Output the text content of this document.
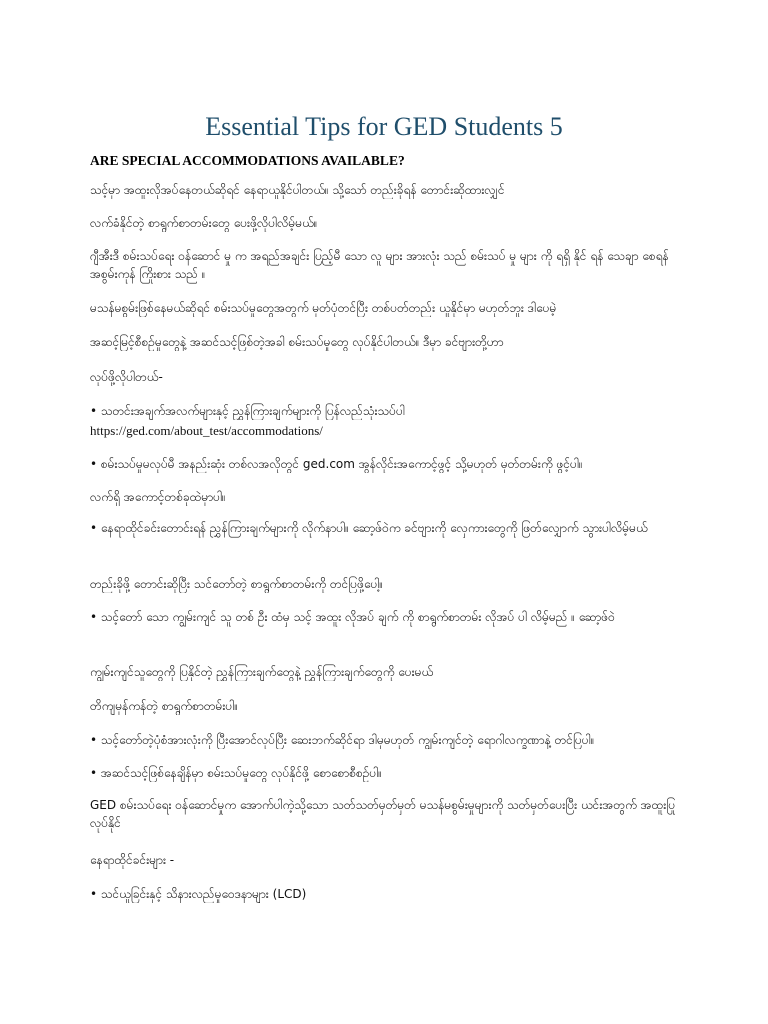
Essential Tips for GED Students 5
ARE SPECIAL ACCOMMODATIONS AVAILABLE?
သင့်မှာ အထူးလိုအပ်နေတယ်ဆိုရင် နေရာယူနိုင်ပါတယ်။ သို့သော် တည်းခိုရန် တောင်းဆိုထားလျှင်
လက်ခံနိုင်တဲ့ စာရွက်စာတမ်းတွေ ပေးဖို့လိုပါလိမ့်မယ်။
ဂျီအီးဒီ စမ်းသပ်ရေး ဝန်ဆောင် မှု က အရည်အချင်း ပြည့်မီ သော လူ များ အားလုံး သည် စမ်းသပ် မှု များ ကို ရရှိ နိုင် ရန် သေချာ စေရန် အစွမ်းကုန် ကြိုးစား သည် ။
မသန်မစွမ်းဖြစ်နေမယ်ဆိုရင် စမ်းသပ်မှုတွေအတွက် မှတ်ပုံတင်ပြီး တစ်ပတ်တည်း ယူနိုင်မှာ မဟုတ်ဘူး ဒါပေမဲ့
အဆင့်မြင့်စီစဉ်မှုတွေနဲ့ အဆင်သင့်ဖြစ်တဲ့အခါ စမ်းသပ်မှုတွေ လုပ်နိုင်ပါတယ်။ ဒီမှာ ခင်ဗျားတို့ဟာ
လုပ်ဖို့လိုပါတယ်-
• သတင်းအချက်အလက်များနှင့် ညွှန်ကြားချက်များကို ပြန်လည်သုံးသပ်ပါ
https://ged.com/about_test/accommodations/
• စမ်းသပ်မှုမလုပ်မီ အနည်းဆုံး တစ်လအလိုတွင် ged.com အွန်လိုင်းအကောင့်ဖွင့် သို့မဟုတ် မှတ်တမ်းကို ဖွင့်ပါ။
လက်ရှိ အကောင့်တစ်ခုထဲမှာပါ။
• နေရာထိုင်ခင်းတောင်းရန် ညွှန်ကြားချက်များကို လိုက်နာပါ။ ဆော့ဖ်ဝဲက ခင်ဗျားကို လှေကားတွေကို ဖြတ်လျှောက် သွားပါလိမ့်မယ်
တည်းခိုဖို့ တောင်းဆိုပြီး သင်တော်တဲ့ စာရွက်စာတမ်းကို တင်ပြဖို့ပေါ့။
• သင့်တော် သော ကျွမ်းကျင် သူ တစ် ဦး ထံမှ သင့် အထူး လိုအပ် ချက် ကို စာရွက်စာတမ်း လိုအပ် ပါ လိမ့်မည် ။ ဆော့ဖ်ဝဲ
ကျွမ်းကျင်သူတွေကို ပြနိုင်တဲ့ ညွှန်ကြားချက်တွေနဲ့ ညွှန်ကြားချက်တွေကို ပေးမယ်
တိကျမှန်ကန်တဲ့ စာရွက်စာတမ်းပါ။
• သင့်တော်တဲ့ပုံစံအားလုံးကို ပြီးအောင်လုပ်ပြီး ဆေးဘက်ဆိုင်ရာ ဒါမှမဟုတ် ကျွမ်းကျင်တဲ့ ရောဂါလက္ခဏာနဲ့ တင်ပြပါ။
• အဆင်သင့်ဖြစ်နေချိန်မှာ စမ်းသပ်မှုတွေ လုပ်နိုင်ဖို့ စောစောစီစဉ်ပါ။
GED စမ်းသပ်ရေး ဝန်ဆောင်မှုက အောက်ပါကဲ့သို့သော သတ်သတ်မှတ်မှတ် မသန်မစွမ်းမှုများကို သတ်မှတ်ပေးပြီး ယင်းအတွက် အထူးပြုလုပ်နိုင်
နေရာထိုင်ခင်းများ -
• သင်ယူခြင်းနှင့် သိနားလည်မှုဝေဒနာများ (LCD)
